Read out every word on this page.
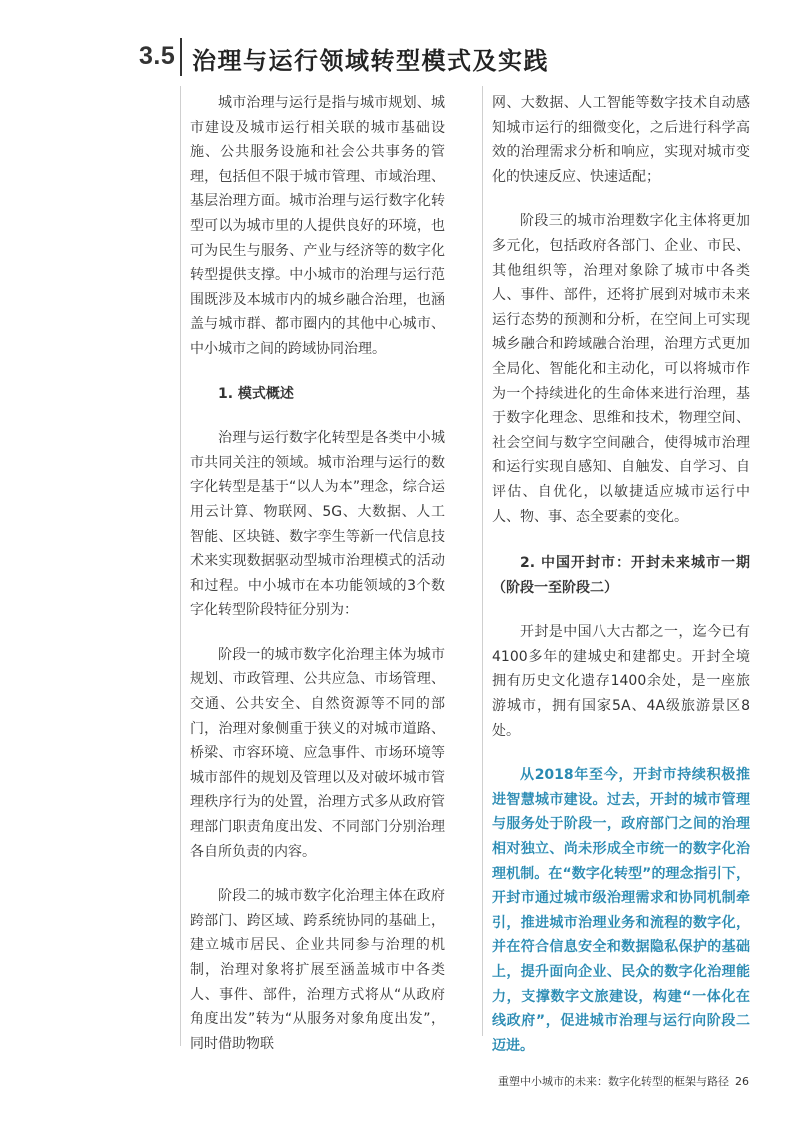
3.5 治理与运行领域转型模式及实践

城市治理与运行是指与城市规划、城市建设及城市运行相关联的城市基础设施、公共服务设施和社会公共事务的管理，包括但不限于城市管理、市域治理、基层治理方面。城市治理与运行数字化转型可以为城市里的人提供良好的环境，也可为民生与服务、产业与经济等的数字化转型提供支撑。中小城市的治理与运行范围既涉及本城市内的城乡融合治理，也涵盖与城市群、都市圈内的其他中心城市、中小城市之间的跨域协同治理。

1. 模式概述

治理与运行数字化转型是各类中小城市共同关注的领域。城市治理与运行的数字化转型是基于“以人为本”理念，综合运用云计算、物联网、5G、大数据、人工智能、区块链、数字孪生等新一代信息技术来实现数据驱动型城市治理模式的活动和过程。中小城市在本功能领域的3个数字化转型阶段特征分别为：

阶段一的城市数字化治理主体为城市规划、市政管理、公共应急、市场管理、交通、公共安全、自然资源等不同的部门，治理对象侧重于狭义的对城市道路、桥梁、市容环境、应急事件、市场环境等城市部件的规划及管理以及对破坏城市管理秩序行为的处置，治理方式多从政府管理部门职责角度出发、不同部门分别治理各自所负责的内容。

阶段二的城市数字化治理主体在政府跨部门、跨区域、跨系统协同的基础上，建立城市居民、企业共同参与治理的机制，治理对象将扩展至涵盖城市中各类人、事件、部件，治理方式将从“从政府角度出发”转为“从服务对象角度出发”，同时借助物联

网、大数据、人工智能等数字技术自动感知城市运行的细微变化，之后进行科学高效的治理需求分析和响应，实现对城市变化的快速反应、快速适配；

阶段三的城市治理数字化主体将更加多元化，包括政府各部门、企业、市民、其他组织等，治理对象除了城市中各类人、事件、部件，还将扩展到对城市未来运行态势的预测和分析，在空间上可实现城乡融合和跨域融合治理，治理方式更加全局化、智能化和主动化，可以将城市作为一个持续进化的生命体来进行治理，基于数字化理念、思维和技术，物理空间、社会空间与数字空间融合，使得城市治理和运行实现自感知、自触发、自学习、自评估、自优化，以敏捷适应城市运行中人、物、事、态全要素的变化。

2. 中国开封市：开封未来城市一期（阶段一至阶段二）

开封是中国八大古都之一，迄今已有4100多年的建城史和建都史。开封全境拥有历史文化遗存1400余处，是一座旅游城市，拥有国家5A、4A级旅游景区8处。

从2018年至今，开封市持续积极推进智慧城市建设。过去，开封的城市管理与服务处于阶段一，政府部门之间的治理相对独立、尚未形成全市统一的数字化治理机制。在“数字化转型”的理念指引下，开封市通过城市级治理需求和协同机制牵引，推进城市治理业务和流程的数字化，并在符合信息安全和数据隐私保护的基础上，提升面向企业、民众的数字化治理能力，支撑数字文旅建设，构建“一体化在线政府”，促进城市治理与运行向阶段二迈进。

重塑中小城市的未来：数字化转型的框架与路径 26
